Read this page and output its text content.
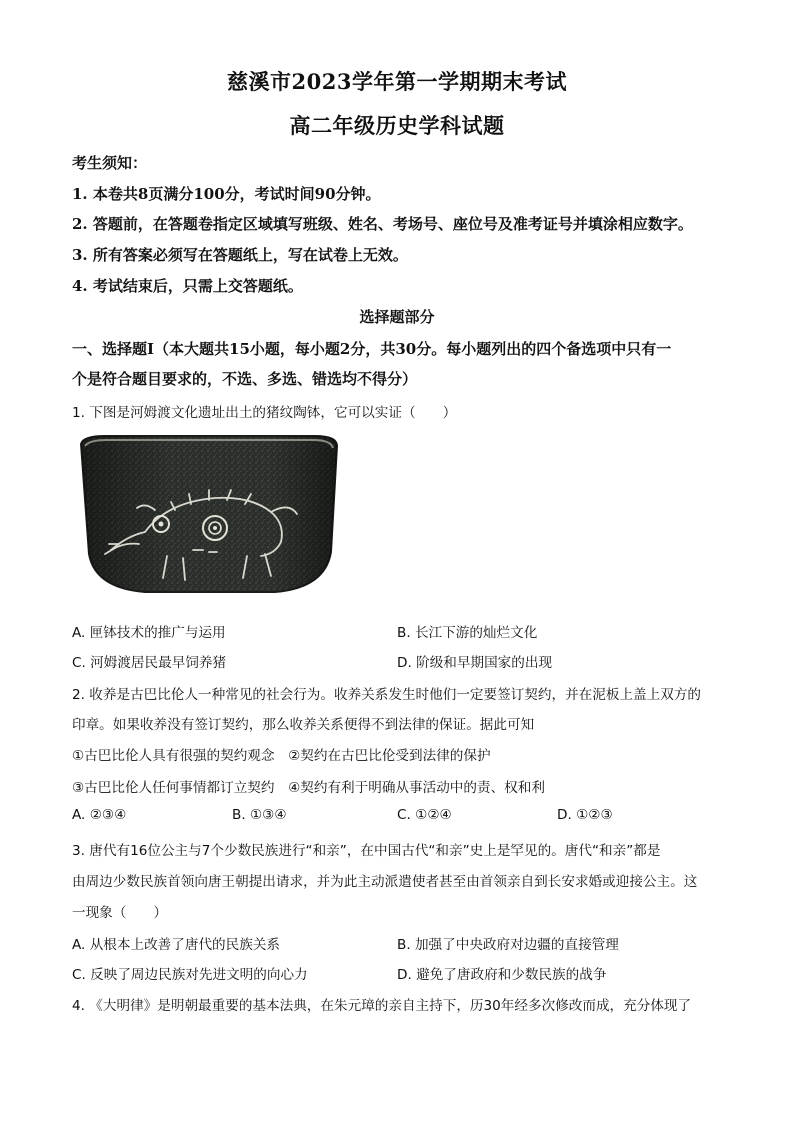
慈溪市2023学年第一学期期末考试
高二年级历史学科试题
考生须知：
1. 本卷共8页满分100分，考试时间90分钟。
2. 答题前，在答题卷指定区域填写班级、姓名、考场号、座位号及准考证号并填涂相应数字。
3. 所有答案必须写在答题纸上，写在试卷上无效。
4. 考试结束后，只需上交答题纸。
选择题部分
一、选择题Ⅰ（本大题共15小题，每小题2分，共30分。每小题列出的四个备选项中只有一
个是符合题目要求的，不选、多选、错选均不得分）
1. 下图是河姆渡文化遗址出土的猪纹陶钵，它可以实证（　　）
A. 匣钵技术的推广与运用	B. 长江下游的灿烂文化
C. 河姆渡居民最早饲养猪	D. 阶级和早期国家的出现
2. 收养是古巴比伦人一种常见的社会行为。收养关系发生时他们一定要签订契约，并在泥板上盖上双方的
印章。如果收养没有签订契约，那么收养关系便得不到法律的保证。据此可知
①古巴比伦人具有很强的契约观念　②契约在古巴比伦受到法律的保护
③古巴比伦人任何事情都订立契约　④契约有利于明确从事活动中的责、权和利
A. ②③④	B. ①③④	C. ①②④	D. ①②③
3. 唐代有16位公主与7个少数民族进行“和亲”，在中国古代“和亲”史上是罕见的。唐代“和亲”都是
由周边少数民族首领向唐王朝提出请求，并为此主动派遣使者甚至由首领亲自到长安求婚或迎接公主。这
一现象（　　）
A. 从根本上改善了唐代的民族关系	B. 加强了中央政府对边疆的直接管理
C. 反映了周边民族对先进文明的向心力	D. 避免了唐政府和少数民族的战争
4. 《大明律》是明朝最重要的基本法典，在朱元璋的亲自主持下，历30年经多次修改而成，充分体现了
